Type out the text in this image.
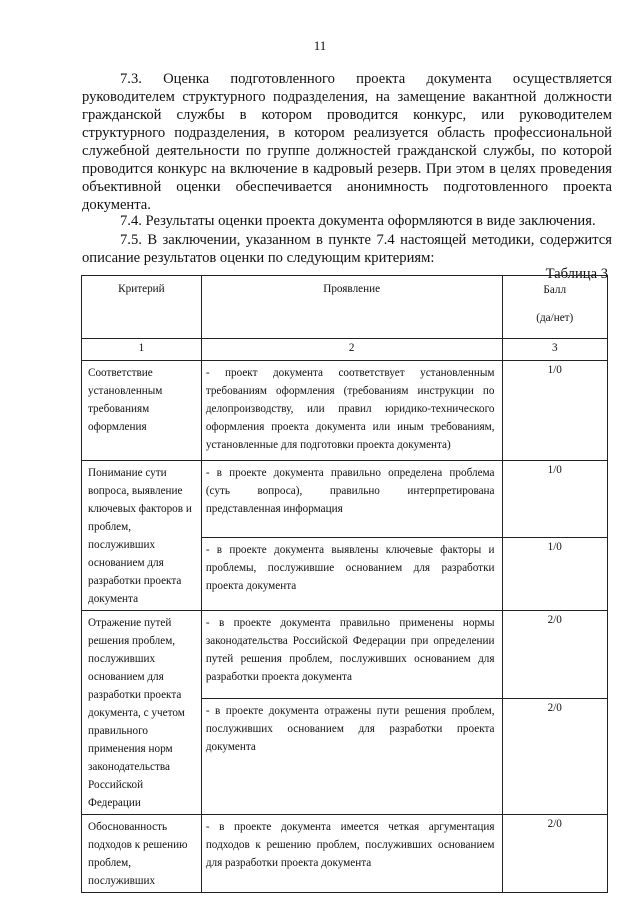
11
7.3. Оценка подготовленного проекта документа осуществляется руководителем структурного подразделения, на замещение вакантной должности гражданской службы в котором проводится конкурс, или руководителем структурного подразделения, в котором реализуется область профессиональной служебной деятельности по группе должностей гражданской службы, по которой проводится конкурс на включение в кадровый резерв. При этом в целях проведения объективной оценки обеспечивается анонимность подготовленного проекта документа.
7.4. Результаты оценки проекта документа оформляются в виде заключения.
7.5. В заключении, указанном в пункте 7.4 настоящей методики, содержится описание результатов оценки по следующим критериям:
Таблица 3
Критерий	Проявление	Балл
(да/нет)

1	2	3
Соответствие установленным требованиям оформления	- проект документа соответствует установленным требованиям оформления (требованиям инструкции по делопроизводству, или правил юридико-технического оформления проекта документа или иным требованиям, установленные для подготовки проекта документа)	1/0
Понимание сути вопроса, выявление ключевых факторов и проблем, послуживших основанием для разработки проекта документа	- в проекте документа правильно определена проблема (суть вопроса), правильно интерпретирована представленная информация	1/0
	- в проекте документа выявлены ключевые факторы и проблемы, послужившие основанием для разработки проекта документа	1/0
Отражение путей решения проблем, послуживших основанием для разработки проекта документа, с учетом правильного применения норм законодательства Российской Федерации	- в проекте документа правильно применены нормы законодательства Российской Федерации при определении путей решения проблем, послуживших основанием для разработки проекта документа	2/0
	- в проекте документа отражены пути решения проблем, послуживших основанием для разработки проекта документа	2/0
Обоснованность подходов к решению проблем, послуживших	- в проекте документа имеется четкая аргументация подходов к решению проблем, послуживших основанием для разработки проекта документа	2/0
